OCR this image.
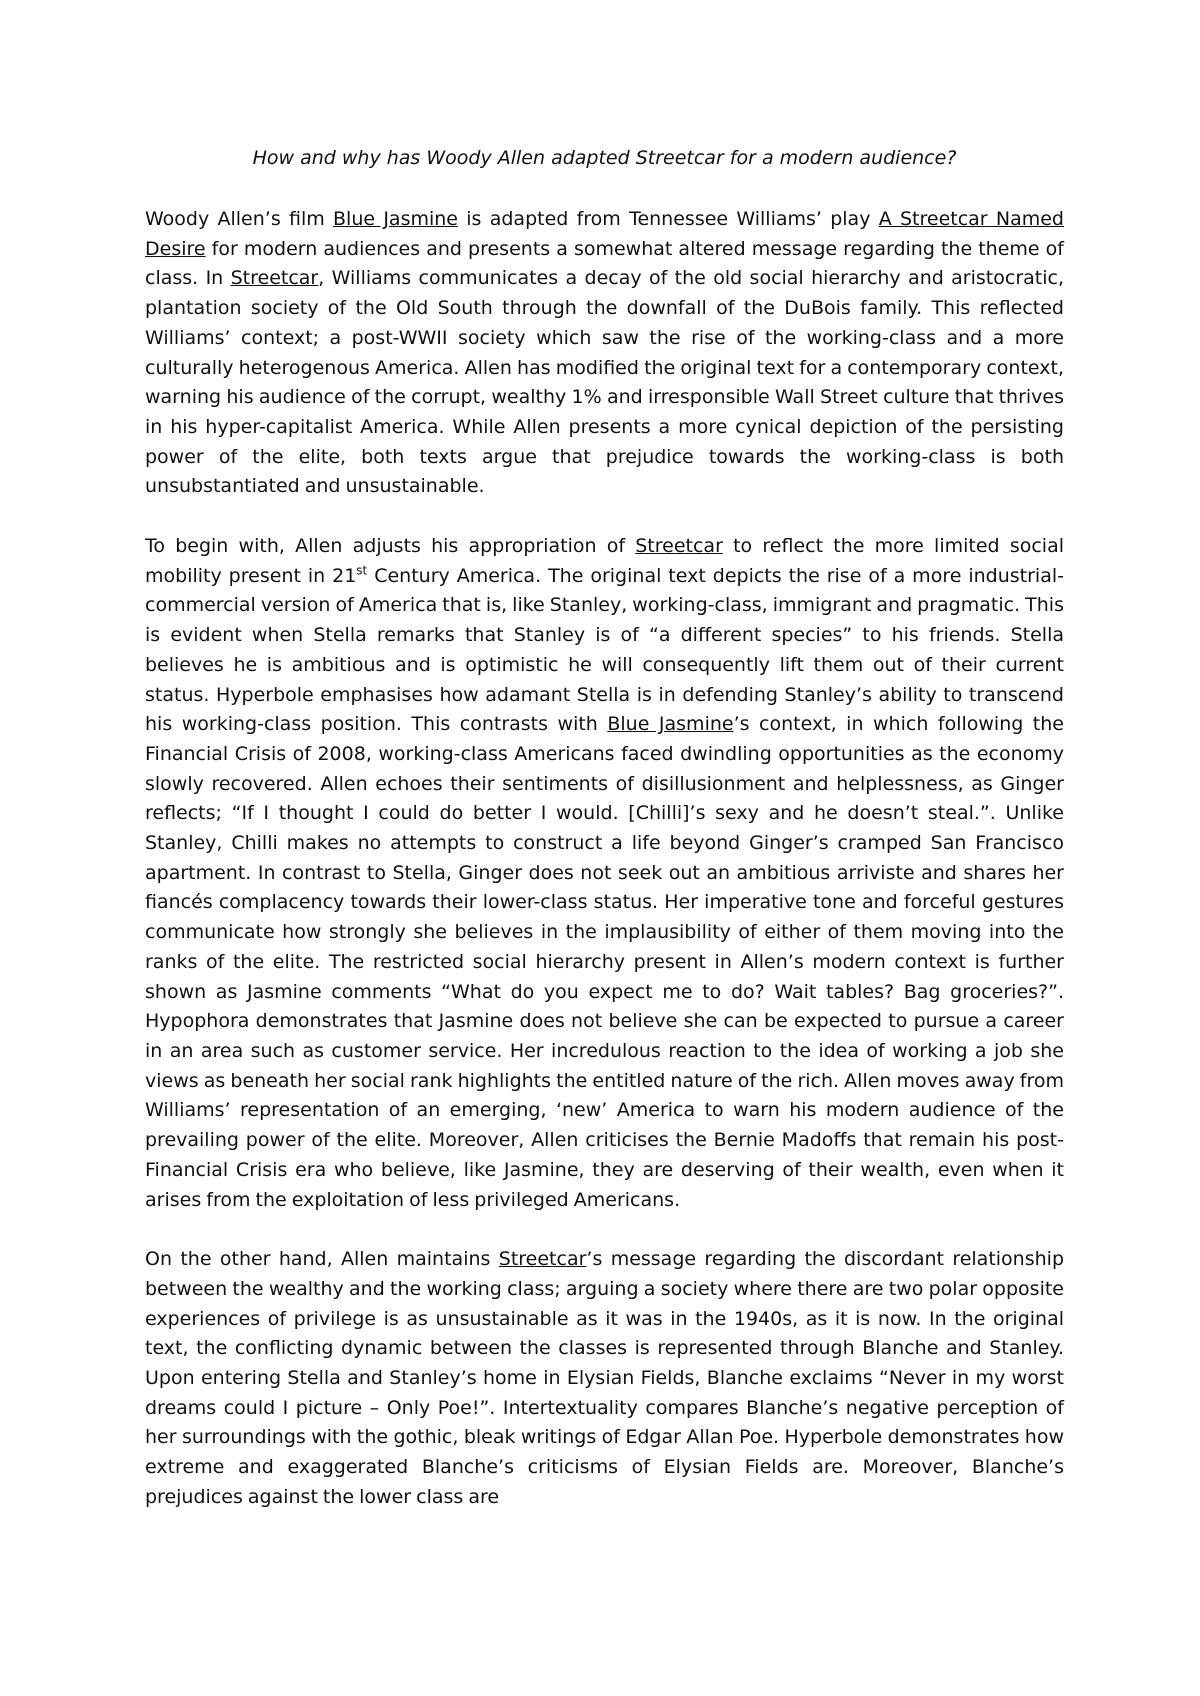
How and why has Woody Allen adapted Streetcar for a modern audience?

Woody Allen’s film Blue Jasmine is adapted from Tennessee Williams’ play A Streetcar Named Desire for modern audiences and presents a somewhat altered message regarding the theme of class. In Streetcar, Williams communicates a decay of the old social hierarchy and aristocratic, plantation society of the Old South through the downfall of the DuBois family. This reflected Williams’ context; a post-WWII society which saw the rise of the working-class and a more culturally heterogenous America. Allen has modified the original text for a contemporary context, warning his audience of the corrupt, wealthy 1% and irresponsible Wall Street culture that thrives in his hyper-capitalist America. While Allen presents a more cynical depiction of the persisting power of the elite, both texts argue that prejudice towards the working-class is both unsubstantiated and unsustainable.

To begin with, Allen adjusts his appropriation of Streetcar to reflect the more limited social mobility present in 21st Century America. The original text depicts the rise of a more industrial-commercial version of America that is, like Stanley, working-class, immigrant and pragmatic. This is evident when Stella remarks that Stanley is of “a different species” to his friends. Stella believes he is ambitious and is optimistic he will consequently lift them out of their current status. Hyperbole emphasises how adamant Stella is in defending Stanley’s ability to transcend his working-class position. This contrasts with Blue Jasmine’s context, in which following the Financial Crisis of 2008, working-class Americans faced dwindling opportunities as the economy slowly recovered. Allen echoes their sentiments of disillusionment and helplessness, as Ginger reflects; “If I thought I could do better I would. [Chilli]’s sexy and he doesn’t steal.”. Unlike Stanley, Chilli makes no attempts to construct a life beyond Ginger’s cramped San Francisco apartment. In contrast to Stella, Ginger does not seek out an ambitious arriviste and shares her fiancés complacency towards their lower-class status. Her imperative tone and forceful gestures communicate how strongly she believes in the implausibility of either of them moving into the ranks of the elite. The restricted social hierarchy present in Allen’s modern context is further shown as Jasmine comments “What do you expect me to do? Wait tables? Bag groceries?”. Hypophora demonstrates that Jasmine does not believe she can be expected to pursue a career in an area such as customer service. Her incredulous reaction to the idea of working a job she views as beneath her social rank highlights the entitled nature of the rich. Allen moves away from Williams’ representation of an emerging, ‘new’ America to warn his modern audience of the prevailing power of the elite. Moreover, Allen criticises the Bernie Madoffs that remain his post-Financial Crisis era who believe, like Jasmine, they are deserving of their wealth, even when it arises from the exploitation of less privileged Americans.

On the other hand, Allen maintains Streetcar’s message regarding the discordant relationship between the wealthy and the working class; arguing a society where there are two polar opposite experiences of privilege is as unsustainable as it was in the 1940s, as it is now. In the original text, the conflicting dynamic between the classes is represented through Blanche and Stanley. Upon entering Stella and Stanley’s home in Elysian Fields, Blanche exclaims “Never in my worst dreams could I picture – Only Poe!”. Intertextuality compares Blanche’s negative perception of her surroundings with the gothic, bleak writings of Edgar Allan Poe. Hyperbole demonstrates how extreme and exaggerated Blanche’s criticisms of Elysian Fields are. Moreover, Blanche’s prejudices against the lower class are
